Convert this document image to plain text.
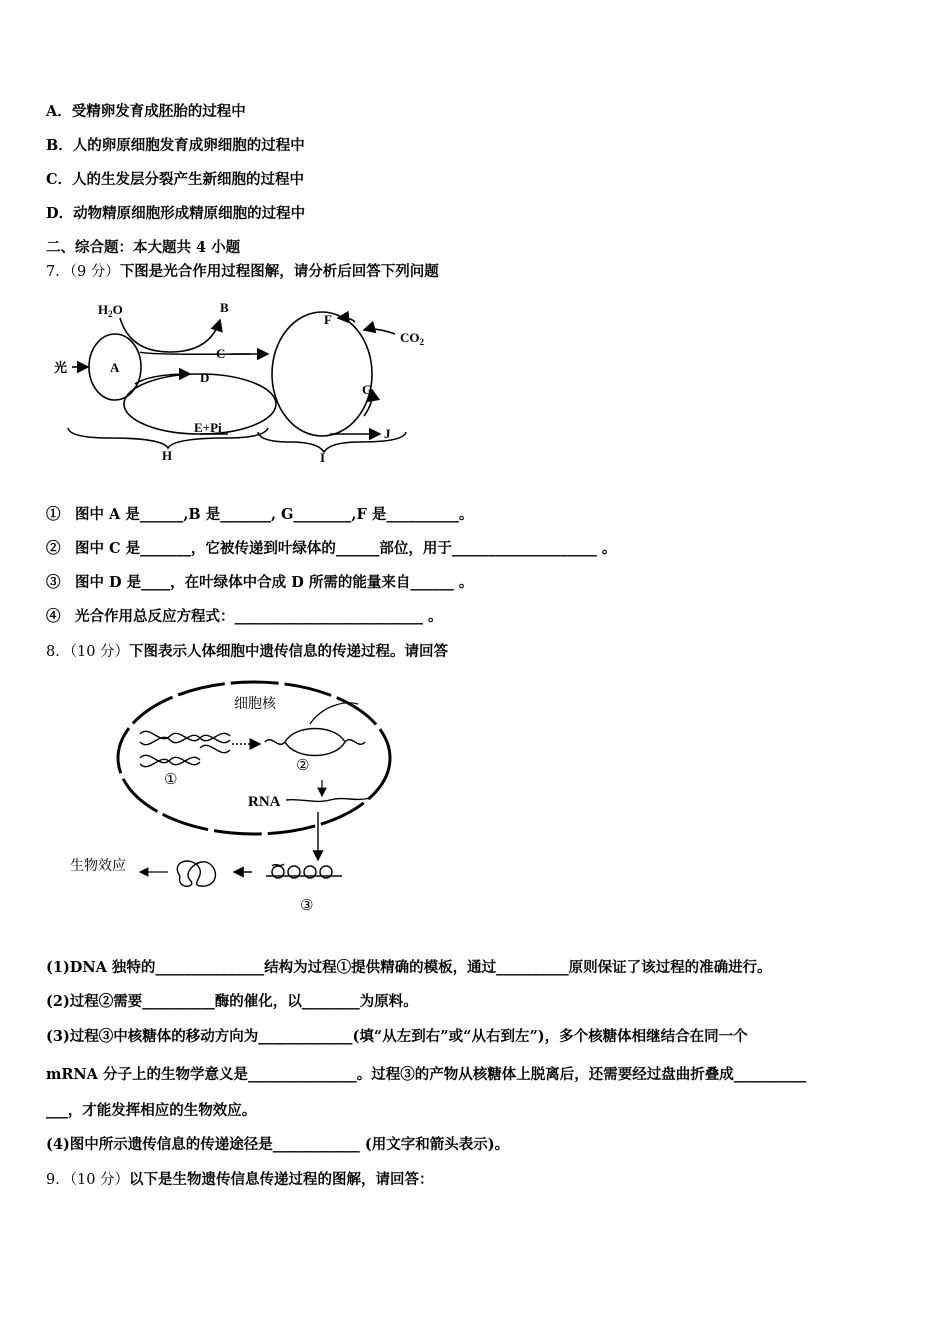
A．受精卵发育成胚胎的过程中
B．人的卵原细胞发育成卵细胞的过程中
C．人的生发层分裂产生新细胞的过程中
D．动物精原细胞形成精原细胞的过程中
二、综合题：本大题共 4 小题
7．（9 分）下图是光合作用过程图解，请分析后回答下列问题
$H_2O$	B
光	A
C
D
E+Pi
H
F
$CO_2$
G
J
I
①　图中 A 是______,B 是_______, G________,F 是__________。
②　图中 C 是_______，它被传递到叶绿体的______部位，用于____________________ 。
③　图中 D 是____，在叶绿体中合成 D 所需的能量来自______ 。
④　光合作用总反应方程式：__________________________ 。
8．（10 分）下图表示人体细胞中遗传信息的传递过程。请回答
细胞核
生物效应
RNA
①
②
③
(1)DNA 独特的_______________结构为过程①提供精确的模板，通过__________原则保证了该过程的准确进行。
(2)过程②需要__________酶的催化，以________为原料。
(3)过程③中核糖体的移动方向为_____________(填“从左到右”或“从右到左”)，多个核糖体相继结合在同一个
mRNA 分子上的生物学意义是_______________。过程③的产物从核糖体上脱离后，还需要经过盘曲折叠成__________
___，才能发挥相应的生物效应。
(4)图中所示遗传信息的传递途径是____________ (用文字和箭头表示)。
9．（10 分）以下是生物遗传信息传递过程的图解，请回答：
